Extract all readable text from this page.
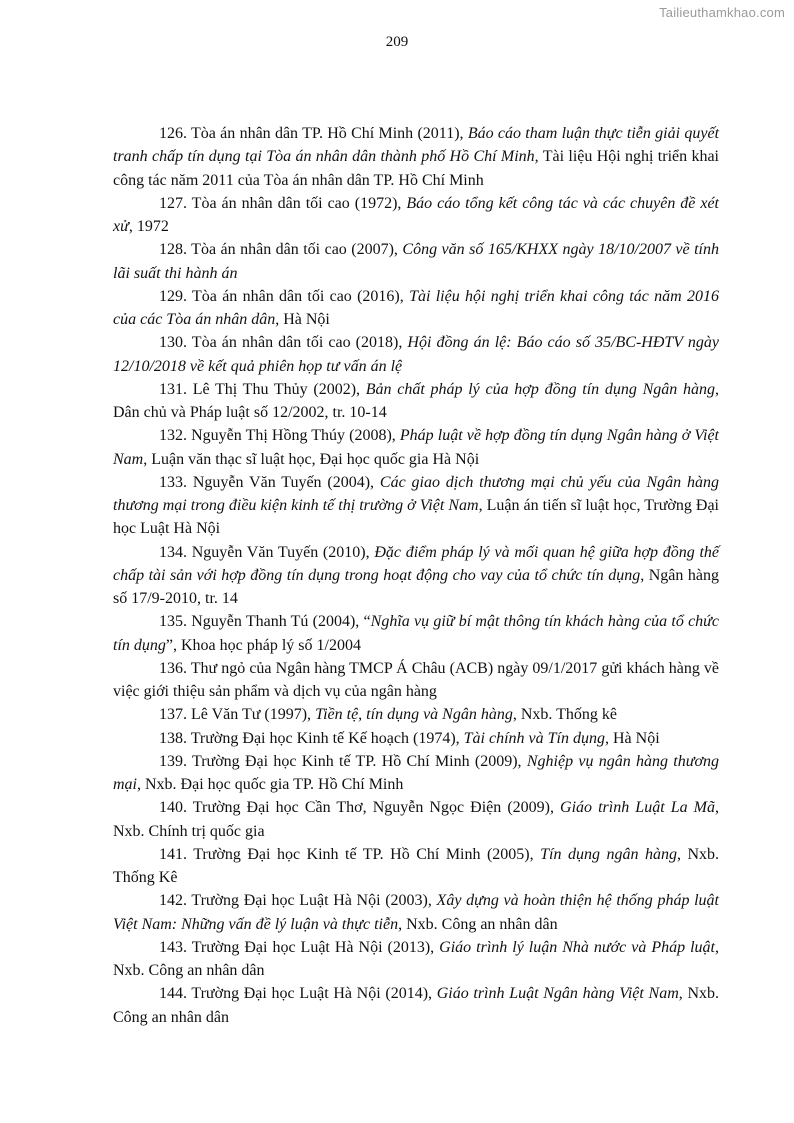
Tailieuthamkhao.com
209

126. Tòa án nhân dân TP. Hồ Chí Minh (2011), Báo cáo tham luận thực tiễn giải quyết tranh chấp tín dụng tại Tòa án nhân dân thành phố Hồ Chí Minh, Tài liệu Hội nghị triển khai công tác năm 2011 của Tòa án nhân dân TP. Hồ Chí Minh

127. Tòa án nhân dân tối cao (1972), Báo cáo tổng kết công tác và các chuyên đề xét xử, 1972

128. Tòa án nhân dân tối cao (2007), Công văn số 165/KHXX ngày 18/10/2007 về tính lãi suất thi hành án

129. Tòa án nhân dân tối cao (2016), Tài liệu hội nghị triển khai công tác năm 2016 của các Tòa án nhân dân, Hà Nội

130. Tòa án nhân dân tối cao (2018), Hội đồng án lệ: Báo cáo số 35/BC-HĐTV ngày 12/10/2018 về kết quả phiên họp tư vấn án lệ

131. Lê Thị Thu Thủy (2002), Bản chất pháp lý của hợp đồng tín dụng Ngân hàng, Dân chủ và Pháp luật số 12/2002, tr. 10-14

132. Nguyễn Thị Hồng Thúy (2008), Pháp luật về hợp đồng tín dụng Ngân hàng ở Việt Nam, Luận văn thạc sĩ luật học, Đại học quốc gia Hà Nội

133. Nguyễn Văn Tuyến (2004), Các giao dịch thương mại chủ yếu của Ngân hàng thương mại trong điều kiện kinh tế thị trường ở Việt Nam, Luận án tiến sĩ luật học, Trường Đại học Luật Hà Nội

134. Nguyễn Văn Tuyến (2010), Đặc điểm pháp lý và mối quan hệ giữa hợp đồng thế chấp tài sản với hợp đồng tín dụng trong hoạt động cho vay của tổ chức tín dụng, Ngân hàng số 17/9-2010, tr. 14

135. Nguyễn Thanh Tú (2004), “Nghĩa vụ giữ bí mật thông tín khách hàng của tổ chức tín dụng”, Khoa học pháp lý số 1/2004

136. Thư ngỏ của Ngân hàng TMCP Á Châu (ACB) ngày 09/1/2017 gửi khách hàng về việc giới thiệu sản phẩm và dịch vụ của ngân hàng

137. Lê Văn Tư (1997), Tiền tệ, tín dụng và Ngân hàng, Nxb. Thống kê

138. Trường Đại học Kinh tế Kế hoạch (1974), Tài chính và Tín dụng, Hà Nội

139. Trường Đại học Kinh tế TP. Hồ Chí Minh (2009), Nghiệp vụ ngân hàng thương mại, Nxb. Đại học quốc gia TP. Hồ Chí Minh

140. Trường Đại học Cần Thơ, Nguyễn Ngọc Điện (2009), Giáo trình Luật La Mã, Nxb. Chính trị quốc gia

141. Trường Đại học Kinh tế TP. Hồ Chí Minh (2005), Tín dụng ngân hàng, Nxb. Thống Kê

142. Trường Đại học Luật Hà Nội (2003), Xây dựng và hoàn thiện hệ thống pháp luật Việt Nam: Những vấn đề lý luận và thực tiễn, Nxb. Công an nhân dân

143. Trường Đại học Luật Hà Nội (2013), Giáo trình lý luận Nhà nước và Pháp luật, Nxb. Công an nhân dân

144. Trường Đại học Luật Hà Nội (2014), Giáo trình Luật Ngân hàng Việt Nam, Nxb. Công an nhân dân
